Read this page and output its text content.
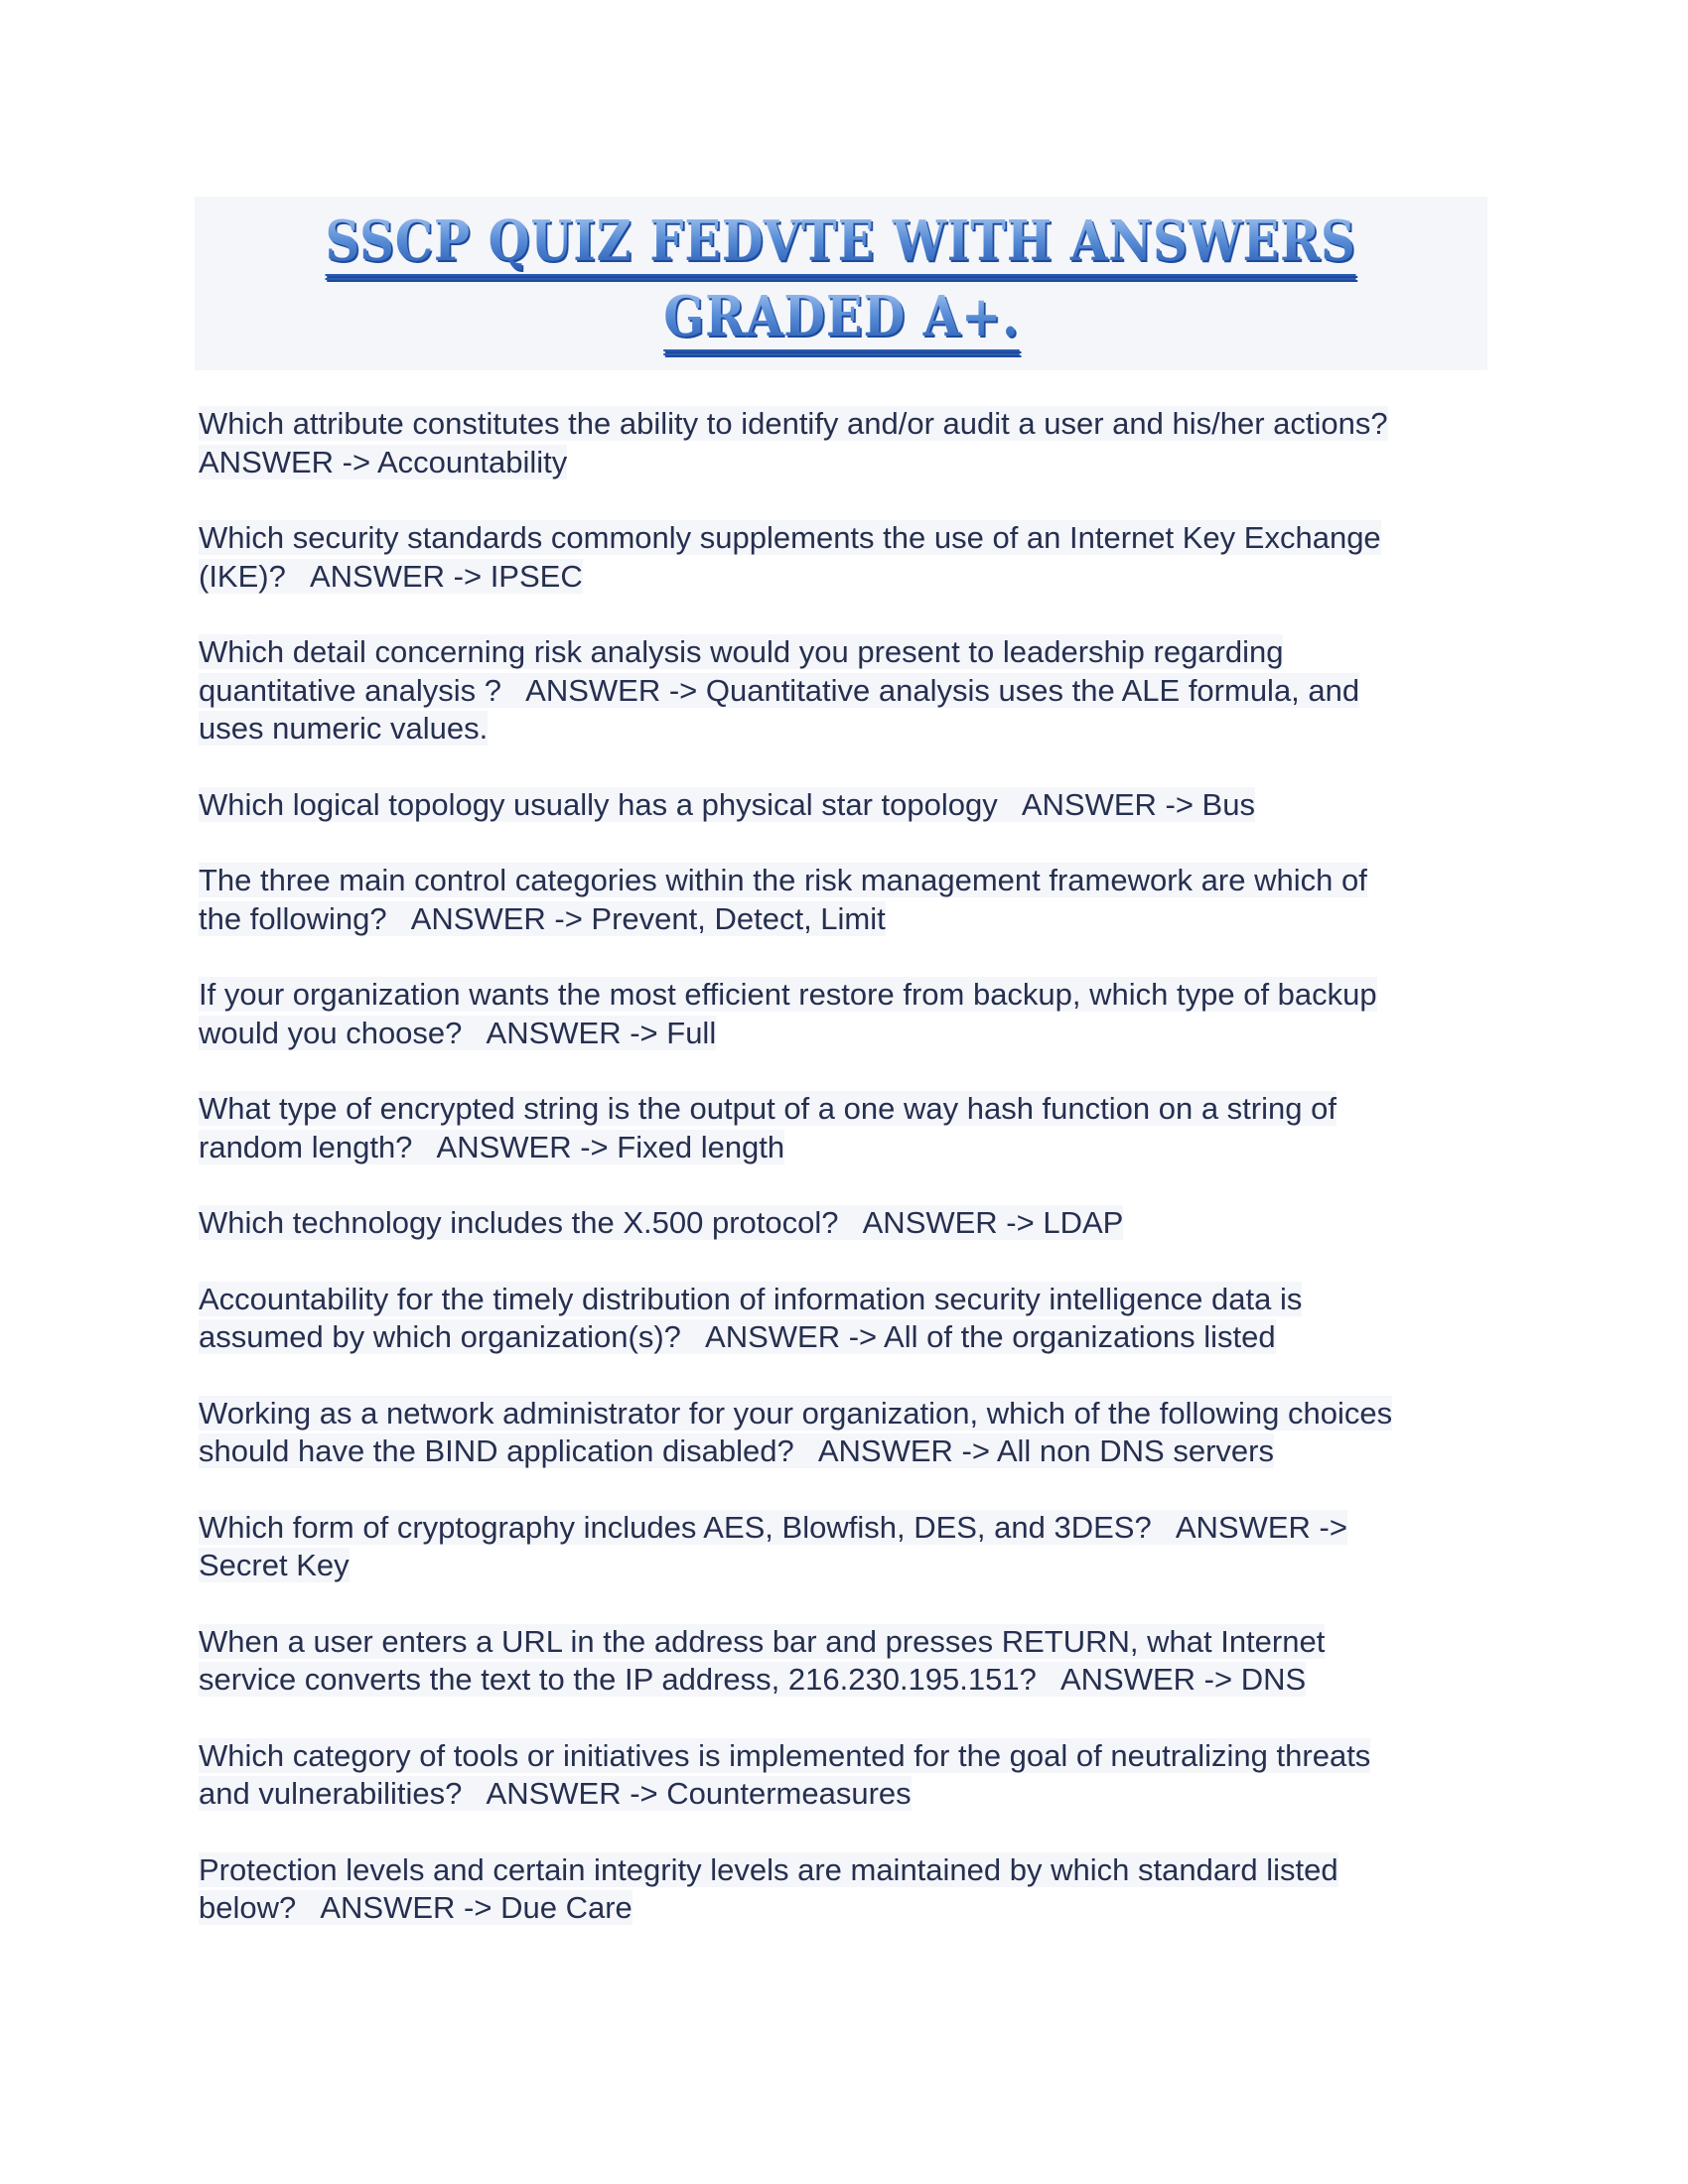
SSCP QUIZ FEDVTE WITH ANSWERS
GRADED A+.
Which attribute constitutes the ability to identify and/or audit a user and his/her actions?
ANSWER -> Accountability
Which security standards commonly supplements the use of an Internet Key Exchange
(IKE)?   ANSWER -> IPSEC
Which detail concerning risk analysis would you present to leadership regarding
quantitative analysis ?   ANSWER -> Quantitative analysis uses the ALE formula, and
uses numeric values.
Which logical topology usually has a physical star topology   ANSWER -> Bus
The three main control categories within the risk management framework are which of
the following?   ANSWER -> Prevent, Detect, Limit
If your organization wants the most efficient restore from backup, which type of backup
would you choose?   ANSWER -> Full
What type of encrypted string is the output of a one way hash function on a string of
random length?   ANSWER -> Fixed length
Which technology includes the X.500 protocol?   ANSWER -> LDAP
Accountability for the timely distribution of information security intelligence data is
assumed by which organization(s)?   ANSWER -> All of the organizations listed
Working as a network administrator for your organization, which of the following choices
should have the BIND application disabled?   ANSWER -> All non DNS servers
Which form of cryptography includes AES, Blowfish, DES, and 3DES?   ANSWER ->
Secret Key
When a user enters a URL in the address bar and presses RETURN, what Internet
service converts the text to the IP address, 216.230.195.151?   ANSWER -> DNS
Which category of tools or initiatives is implemented for the goal of neutralizing threats
and vulnerabilities?   ANSWER -> Countermeasures
Protection levels and certain integrity levels are maintained by which standard listed
below?   ANSWER -> Due Care
